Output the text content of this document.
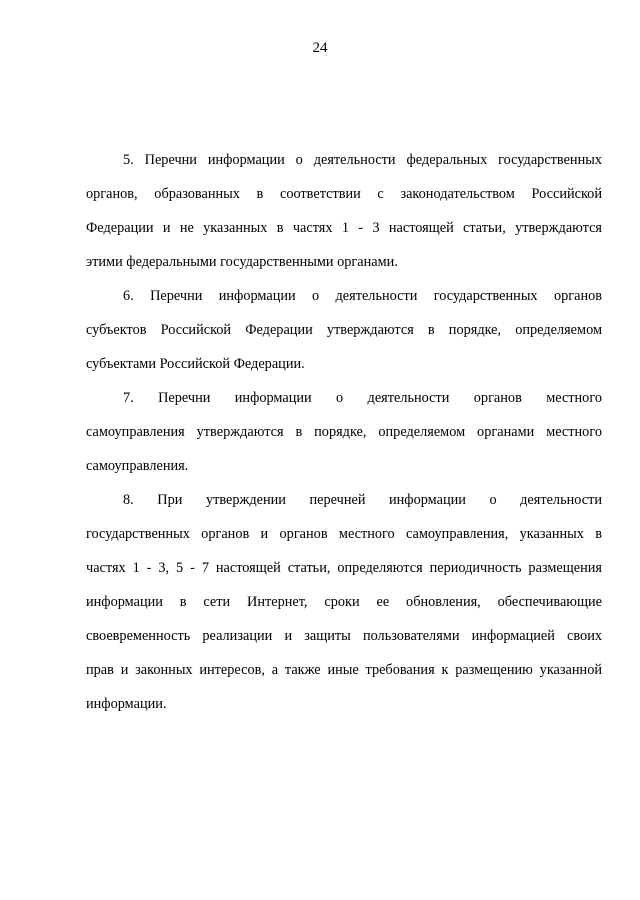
24
5. Перечни информации о деятельности федеральных государственных
органов, образованных в соответствии с законодательством Российской
Федерации и не указанных в частях 1 - 3 настоящей статьи, утверждаются
этими федеральными государственными органами.
6. Перечни информации о деятельности государственных органов
субъектов Российской Федерации утверждаются в порядке, определяемом
субъектами Российской Федерации.
7. Перечни информации о деятельности органов местного
самоуправления утверждаются в порядке, определяемом органами местного
самоуправления.
8. При утверждении перечней информации о деятельности
государственных органов и органов местного самоуправления, указанных в
частях 1 - 3, 5 - 7 настоящей статьи, определяются периодичность размещения
информации в сети Интернет, сроки ее обновления, обеспечивающие
своевременность реализации и защиты пользователями информацией своих
прав и законных интересов, а также иные требования к размещению указанной
информации.
